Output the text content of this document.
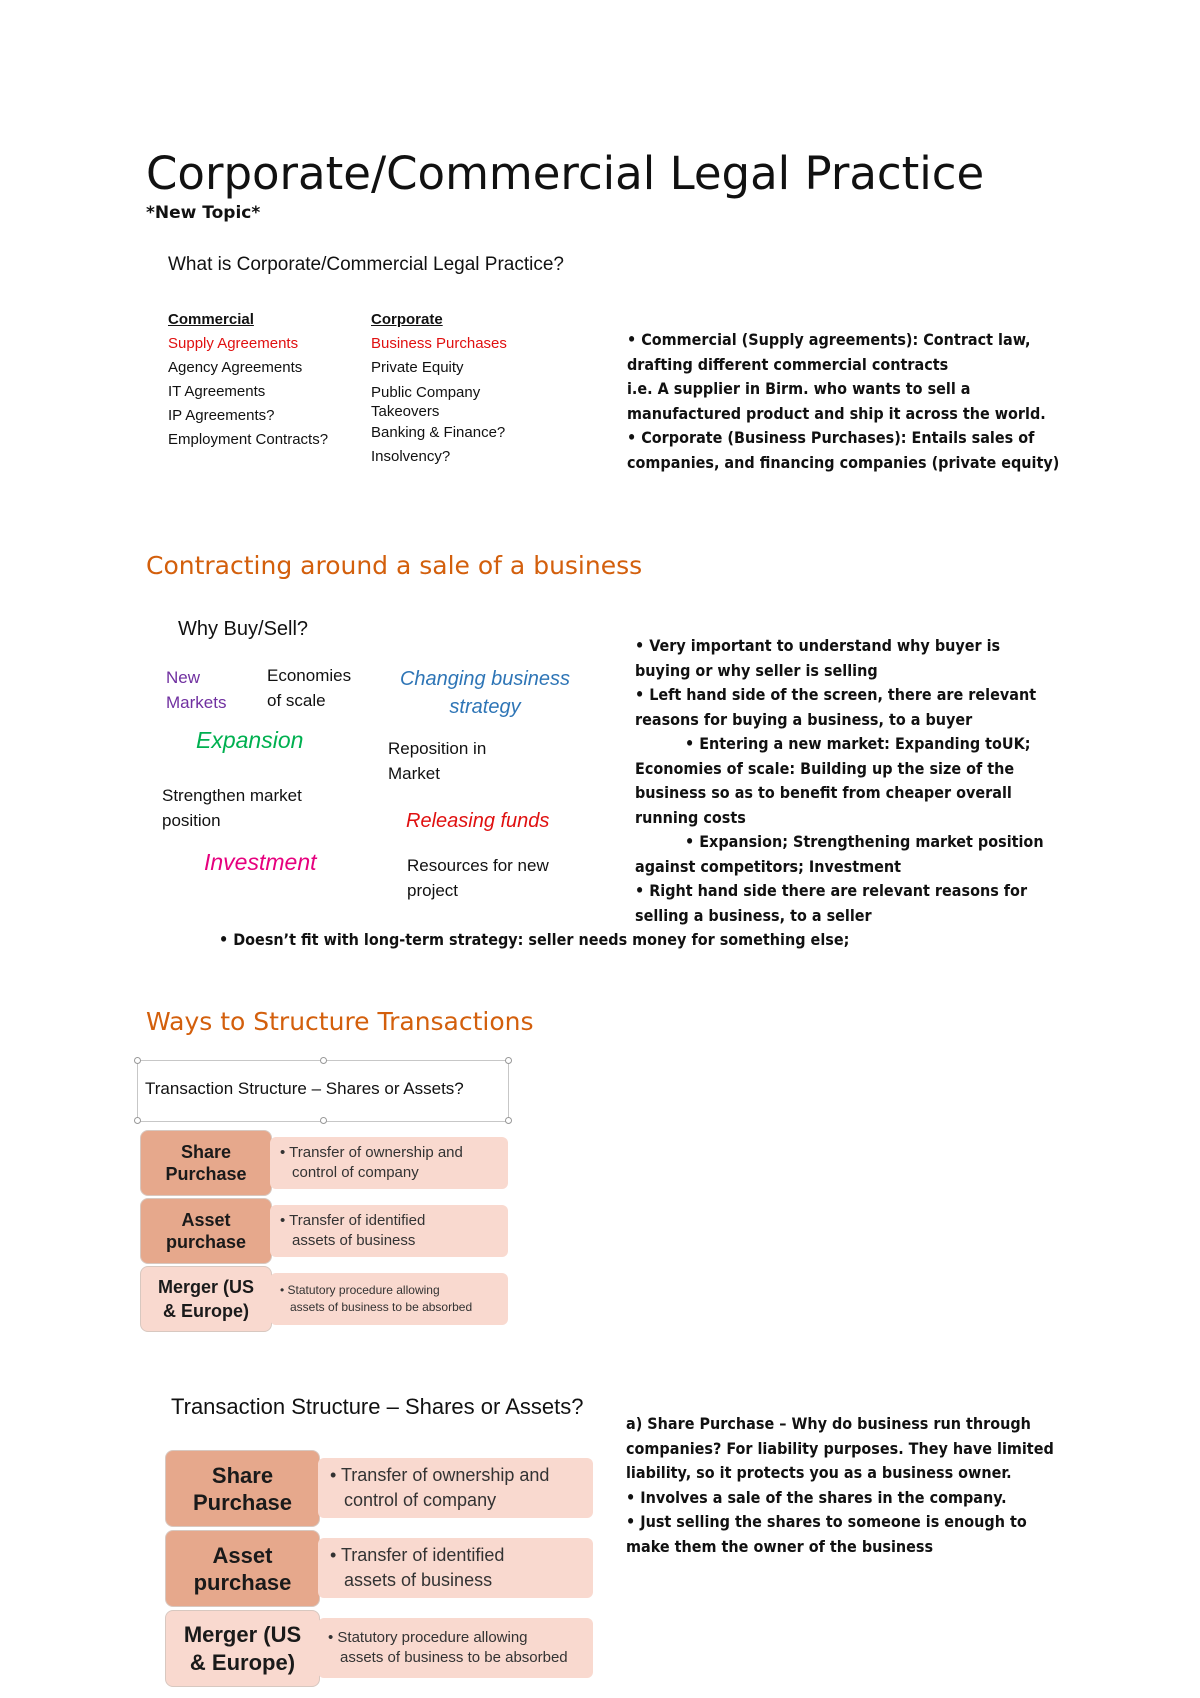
Corporate/Commercial Legal Practice
*New Topic*
What is Corporate/Commercial Legal Practice?
Commercial
Supply Agreements
Agency Agreements
IT Agreements
IP Agreements?
Employment Contracts?
Corporate
Business Purchases
Private Equity
Public Company
Takeovers
Banking & Finance?
Insolvency?

• Commercial (Supply agreements): Contract law,

drafting different commercial contracts

i.e. A supplier in Birm. who wants to sell a

manufactured product and ship it across the world.

• Corporate (Business Purchases): Entails sales of

companies, and financing companies (private equity)

Contracting around a sale of a business
Why Buy/Sell?
New
Markets
Economies
of scale
Changing business
strategy
Expansion	Reposition in
Market
Strengthen market
position	Releasing funds
Investment	Resources for new
project

• Very important to understand why buyer is

buying or why seller is selling

• Left hand side of the screen, there are relevant

reasons for buying a business, to a buyer

• Entering a new market: Expanding toUK;

Economies of scale: Building up the size of the

business so as to benefit from cheaper overall

running costs

• Expansion; Strengthening market position

against competitors; Investment

• Right hand side there are relevant reasons for

selling a business, to a seller

• Doesn’t fit with long-term strategy: seller needs money for something else;
Ways to Structure Transactions
Transaction Structure – Shares or Assets?
Share
Purchase
• Transfer of ownership and
control of company
Asset
purchase
• Transfer of identified
assets of business
Merger (US
& Europe)
• Statutory procedure allowing
assets of business to be absorbed
Transaction Structure – Shares or Assets?
Share
Purchase
• Transfer of ownership and
control of company
Asset
purchase
• Transfer of identified
assets of business
Merger (US
& Europe)
• Statutory procedure allowing
assets of business to be absorbed

a) Share Purchase – Why do business run through

companies? For liability purposes. They have limited

liability, so it protects you as a business owner.

• Involves a sale of the shares in the company.

• Just selling the shares to someone is enough to

make them the owner of the business
